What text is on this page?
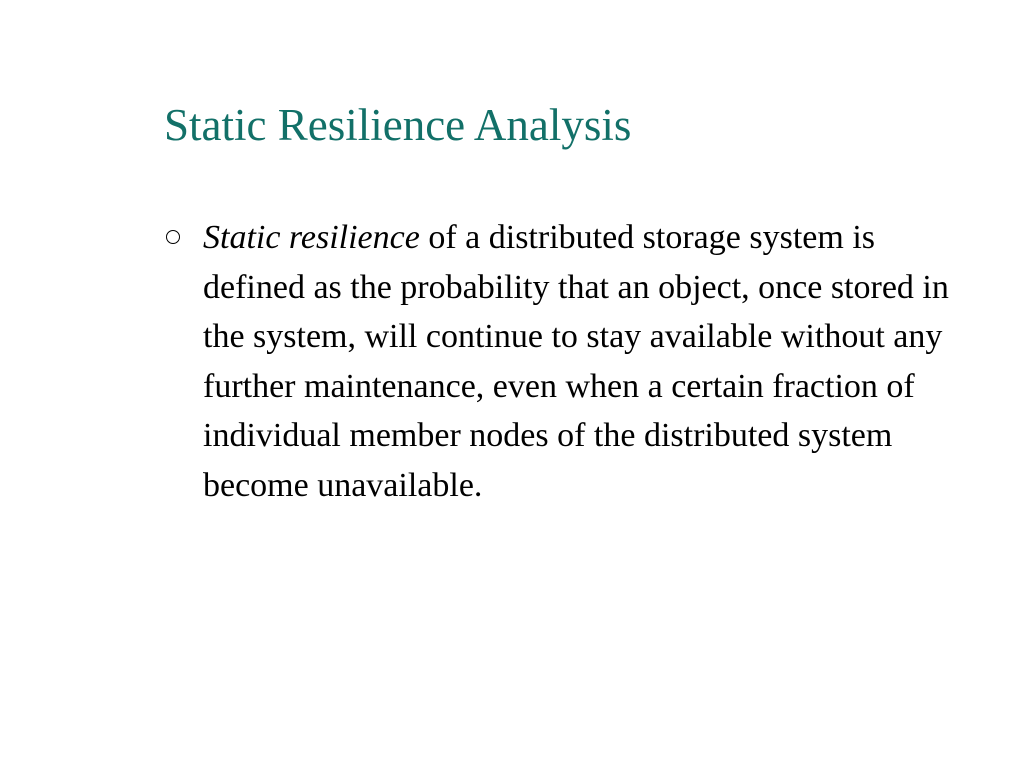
Static Resilience Analysis
Static resilience of a distributed storage system is defined as the probability that an object, once stored in the system, will continue to stay available without any further maintenance, even when a certain fraction of individual member nodes of the distributed system become unavailable.
